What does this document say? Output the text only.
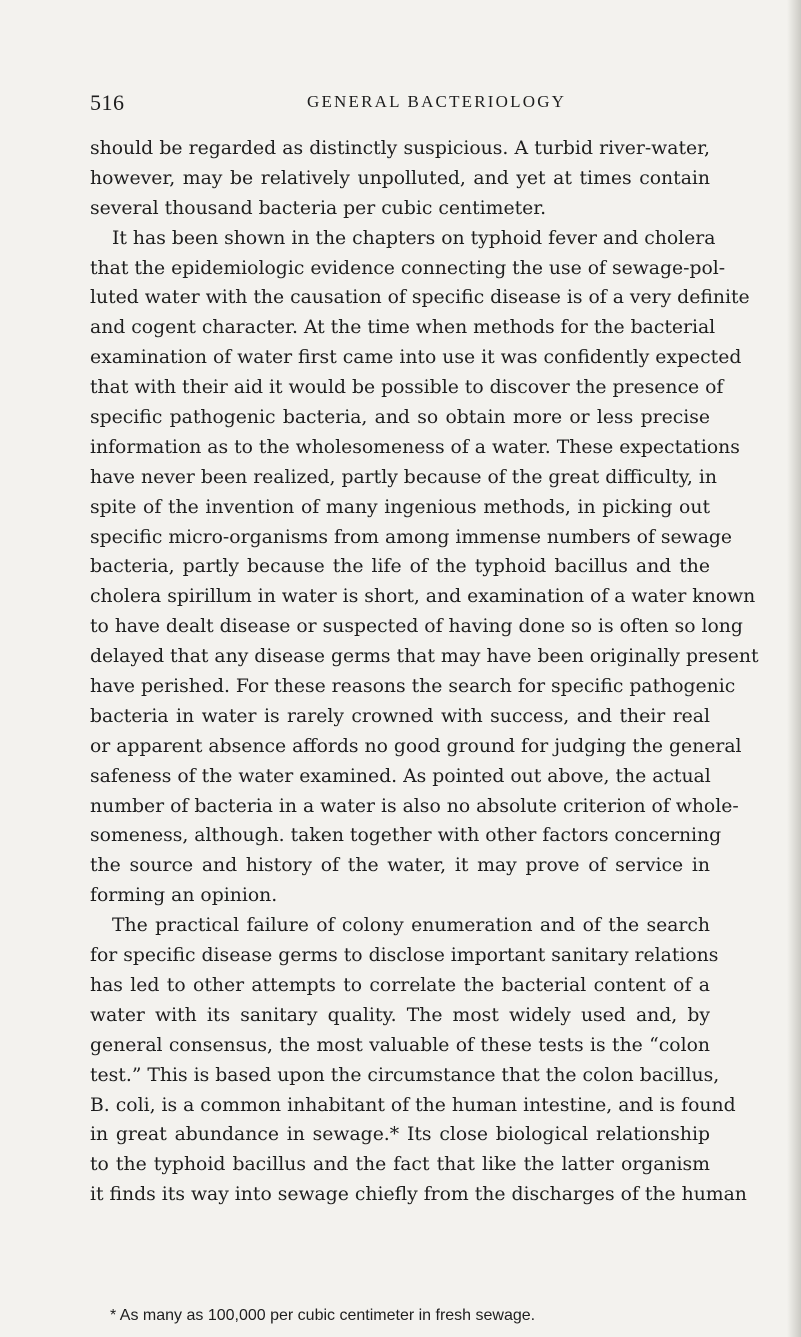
516	GENERAL BACTERIOLOGY
should be regarded as distinctly suspicious. A turbid river-water,
however, may be relatively unpolluted, and yet at times contain
several thousand bacteria per cubic centimeter.
It has been shown in the chapters on typhoid fever and cholera
that the epidemiologic evidence connecting the use of sewage-pol-
luted water with the causation of specific disease is of a very definite
and cogent character. At the time when methods for the bacterial
examination of water first came into use it was confidently expected
that with their aid it would be possible to discover the presence of
specific pathogenic bacteria, and so obtain more or less precise
information as to the wholesomeness of a water. These expectations
have never been realized, partly because of the great difficulty, in
spite of the invention of many ingenious methods, in picking out
specific micro-organisms from among immense numbers of sewage
bacteria, partly because the life of the typhoid bacillus and the
cholera spirillum in water is short, and examination of a water known
to have dealt disease or suspected of having done so is often so long
delayed that any disease germs that may have been originally present
have perished. For these reasons the search for specific pathogenic
bacteria in water is rarely crowned with success, and their real
or apparent absence affords no good ground for judging the general
safeness of the water examined. As pointed out above, the actual
number of bacteria in a water is also no absolute criterion of whole-
someness, although. taken together with other factors concerning
the source and history of the water, it may prove of service in
forming an opinion.
The practical failure of colony enumeration and of the search
for specific disease germs to disclose important sanitary relations
has led to other attempts to correlate the bacterial content of a
water with its sanitary quality. The most widely used and, by
general consensus, the most valuable of these tests is the “colon
test.” This is based upon the circumstance that the colon bacillus,
B. coli, is a common inhabitant of the human intestine, and is found
in great abundance in sewage.* Its close biological relationship
to the typhoid bacillus and the fact that like the latter organism
it finds its way into sewage chiefly from the discharges of the human
* As many as 100,000 per cubic centimeter in fresh sewage.
